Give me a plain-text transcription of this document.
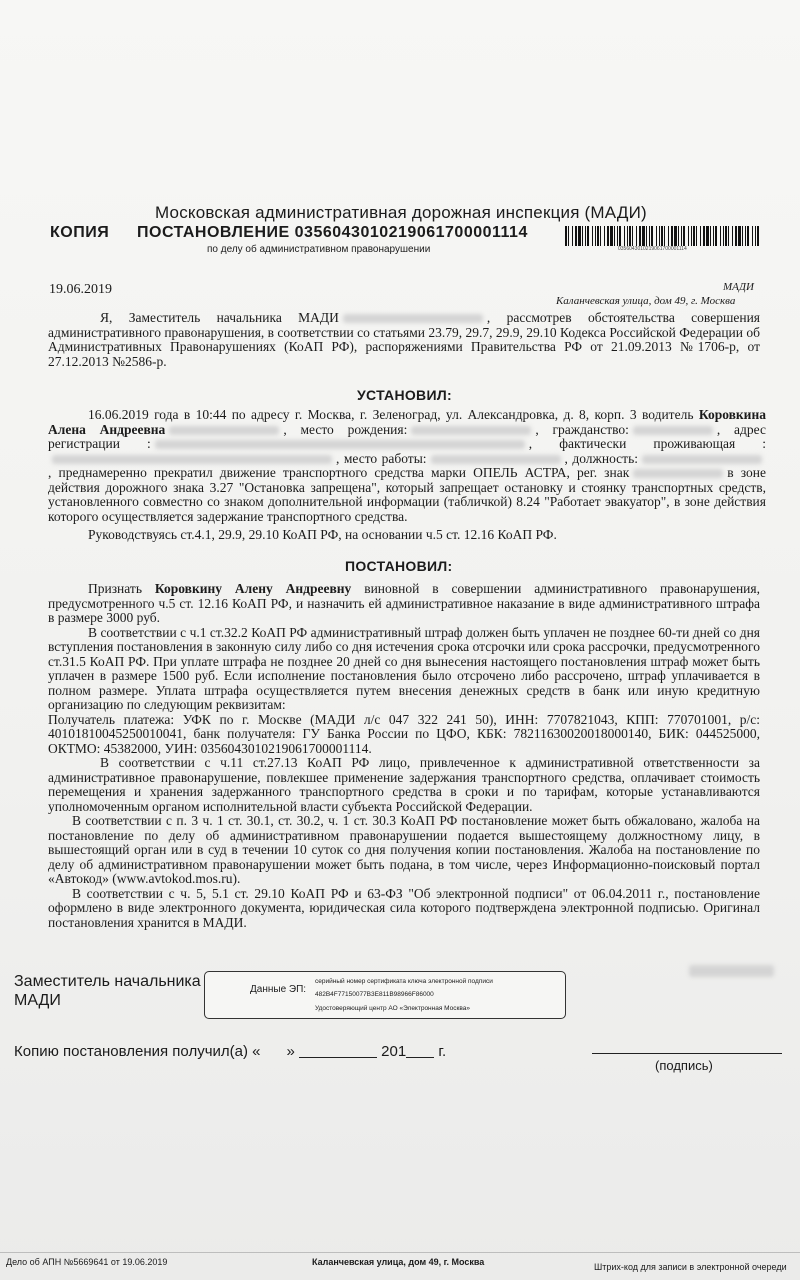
Московская административная дорожная инспекция (МАДИ)
КОПИЯ ПОСТАНОВЛЕНИЕ 0356043010219061700001114
по делу об административном правонарушении	0356043010219061700001114
19.06.2019	МАДИ
Каланчевская улица, дом 49, г. Москва
Я, Заместитель начальника МАДИ	, рассмотрев обстоятельства совершения административного правонарушения, в соответствии со статьями 23.79, 29.7, 29.9, 29.10 Кодекса Российской Федерации об Административных Правонарушениях (КоАП РФ), распоряжениями Правительства РФ от 21.09.2013 №1706-р, от 27.12.2013 №2586-р.
УСТАНОВИЛ:
16.06.2019 года в 10:44 по адресу г. Москва, г. Зеленоград, ул. Александровка, д. 8, корп. 3 водитель Коровкина Алена Андреевна	, место рождения:	, гражданство:	, адрес регистрации :	, фактически проживающая :, место работы:	, должность:, преднамеренно прекратил движение транспортного средства марки ОПЕЛЬ АСТРА, рег. знак	в зоне действия дорожного знака 3.27 "Остановка запрещена", который запрещает остановку и стоянку транспортных средств, установленного совместно со знаком дополнительной информации (табличкой) 8.24 "Работает эвакуатор", в зоне действия которого осуществляется задержание транспортного средства.
Руководствуясь ст.4.1, 29.9, 29.10 КоАП РФ, на основании ч.5 ст. 12.16 КоАП РФ.
ПОСТАНОВИЛ:
Признать Коровкину Алену Андреевну виновной в совершении административного правонарушения, предусмотренного ч.5 ст. 12.16 КоАП РФ, и назначить ей административное наказание в виде административного штрафа в размере 3000 руб.
В соответствии с ч.1 ст.32.2 КоАП РФ административный штраф должен быть уплачен не позднее 60-ти дней со дня вступления постановления в законную силу либо со дня истечения срока отсрочки или срока рассрочки, предусмотренного ст.31.5 КоАП РФ. При уплате штрафа не позднее 20 дней со дня вынесения настоящего постановления штраф может быть уплачен в размере 1500 руб. Если исполнение постановления было отсрочено либо рассрочено, штраф уплачивается в полном размере. Уплата штрафа осуществляется путем внесения денежных средств в банк или иную кредитную организацию по следующим реквизитам:
Получатель платежа: УФК по г. Москве (МАДИ л/с 047 322 241 50), ИНН: 7707821043, КПП: 770701001, р/с: 40101810045250010041, банк получателя: ГУ Банка России по ЦФО, КБК: 78211630020018000140, БИК: 044525000, ОКТМО: 45382000, УИН: 0356043010219061700001114.
В соответствии с ч.11 ст.27.13 КоАП РФ лицо, привлеченное к административной ответственности за административное правонарушение, повлекшее применение задержания транспортного средства, оплачивает стоимость перемещения и хранения задержанного транспортного средства в сроки и по тарифам, которые устанавливаются уполномоченным органом исполнительной власти субъекта Российской Федерации.
В соответствии с п. 3 ч. 1 ст. 30.1, ст. 30.2, ч. 1 ст. 30.3 КоАП РФ постановление может быть обжаловано, жалоба на постановление по делу об административном правонарушении подается вышестоящему должностному лицу, в вышестоящий орган или в суд в течении 10 суток со дня получения копии постановления. Жалоба на постановление по делу об административном правонарушении может быть подана, в том числе, через Информационно-поисковый портал «Автокод» (www.avtokod.mos.ru).
В соответствии с ч. 5, 5.1 ст. 29.10 КоАП РФ и 63-ФЗ "Об электронной подписи" от 06.04.2011 г., постановление оформлено в виде электронного документа, юридическая сила которого подтверждена электронной подписью. Оригинал постановления хранится в МАДИ.
Заместитель начальника МАДИ
Данные ЭП:
серийный номер сертификата ключа электронной подписи
482B4F77150077B3E811B98966F86000
Удостоверяющий центр АО «Электронная Москва»
Копию постановления получил(а) « »	201 г.
(подпись)
Дело об АПН №5669641 от 19.06.2019	Каланчевская улица, дом 49, г. Москва	Штрих-код для записи в электронной очереди
